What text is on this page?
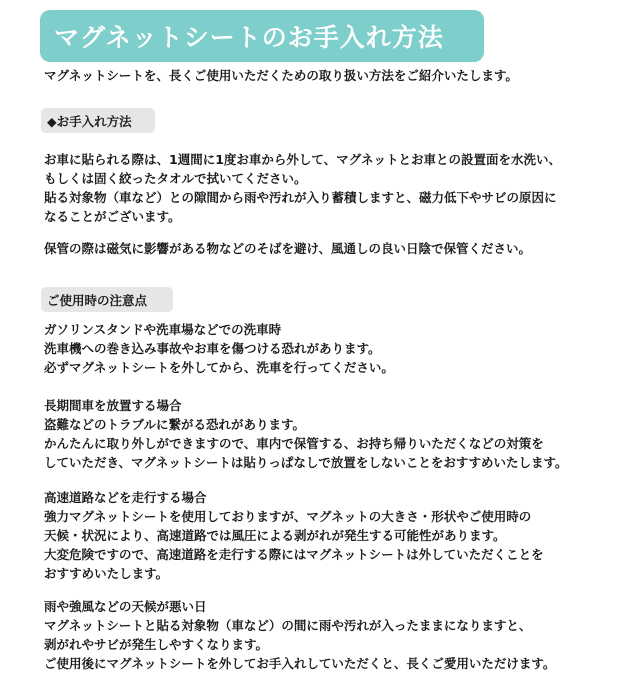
マグネットシートのお手入れ方法
マグネットシートを、長くご使用いただくための取り扱い方法をご紹介いたします。
◆お手入れ方法
お車に貼られる際は、1週間に1度お車から外して、マグネットとお車との設置面を水洗い、
もしくは固く絞ったタオルで拭いてください。
貼る対象物（車など）との隙間から雨や汚れが入り蓄積しますと、磁力低下やサビの原因に
なることがございます。
保管の際は磁気に影響がある物などのそばを避け、風通しの良い日陰で保管ください。
ご使用時の注意点
ガソリンスタンドや洗車場などでの洗車時
洗車機への巻き込み事故やお車を傷つける恐れがあります。
必ずマグネットシートを外してから、洗車を行ってください。
長期間車を放置する場合
盗難などのトラブルに繋がる恐れがあります。
かんたんに取り外しができますので、車内で保管する、お持ち帰りいただくなどの対策を
していただき、マグネットシートは貼りっぱなしで放置をしないことをおすすめいたします。
高速道路などを走行する場合
強力マグネットシートを使用しておりますが、マグネットの大きさ・形状やご使用時の
天候・状況により、高速道路では風圧による剥がれが発生する可能性があります。
大変危険ですので、高速道路を走行する際にはマグネットシートは外していただくことを
おすすめいたします。
雨や強風などの天候が悪い日
マグネットシートと貼る対象物（車など）の間に雨や汚れが入ったままになりますと、
剥がれやサビが発生しやすくなります。
ご使用後にマグネットシートを外してお手入れしていただくと、長くご愛用いただけます。
